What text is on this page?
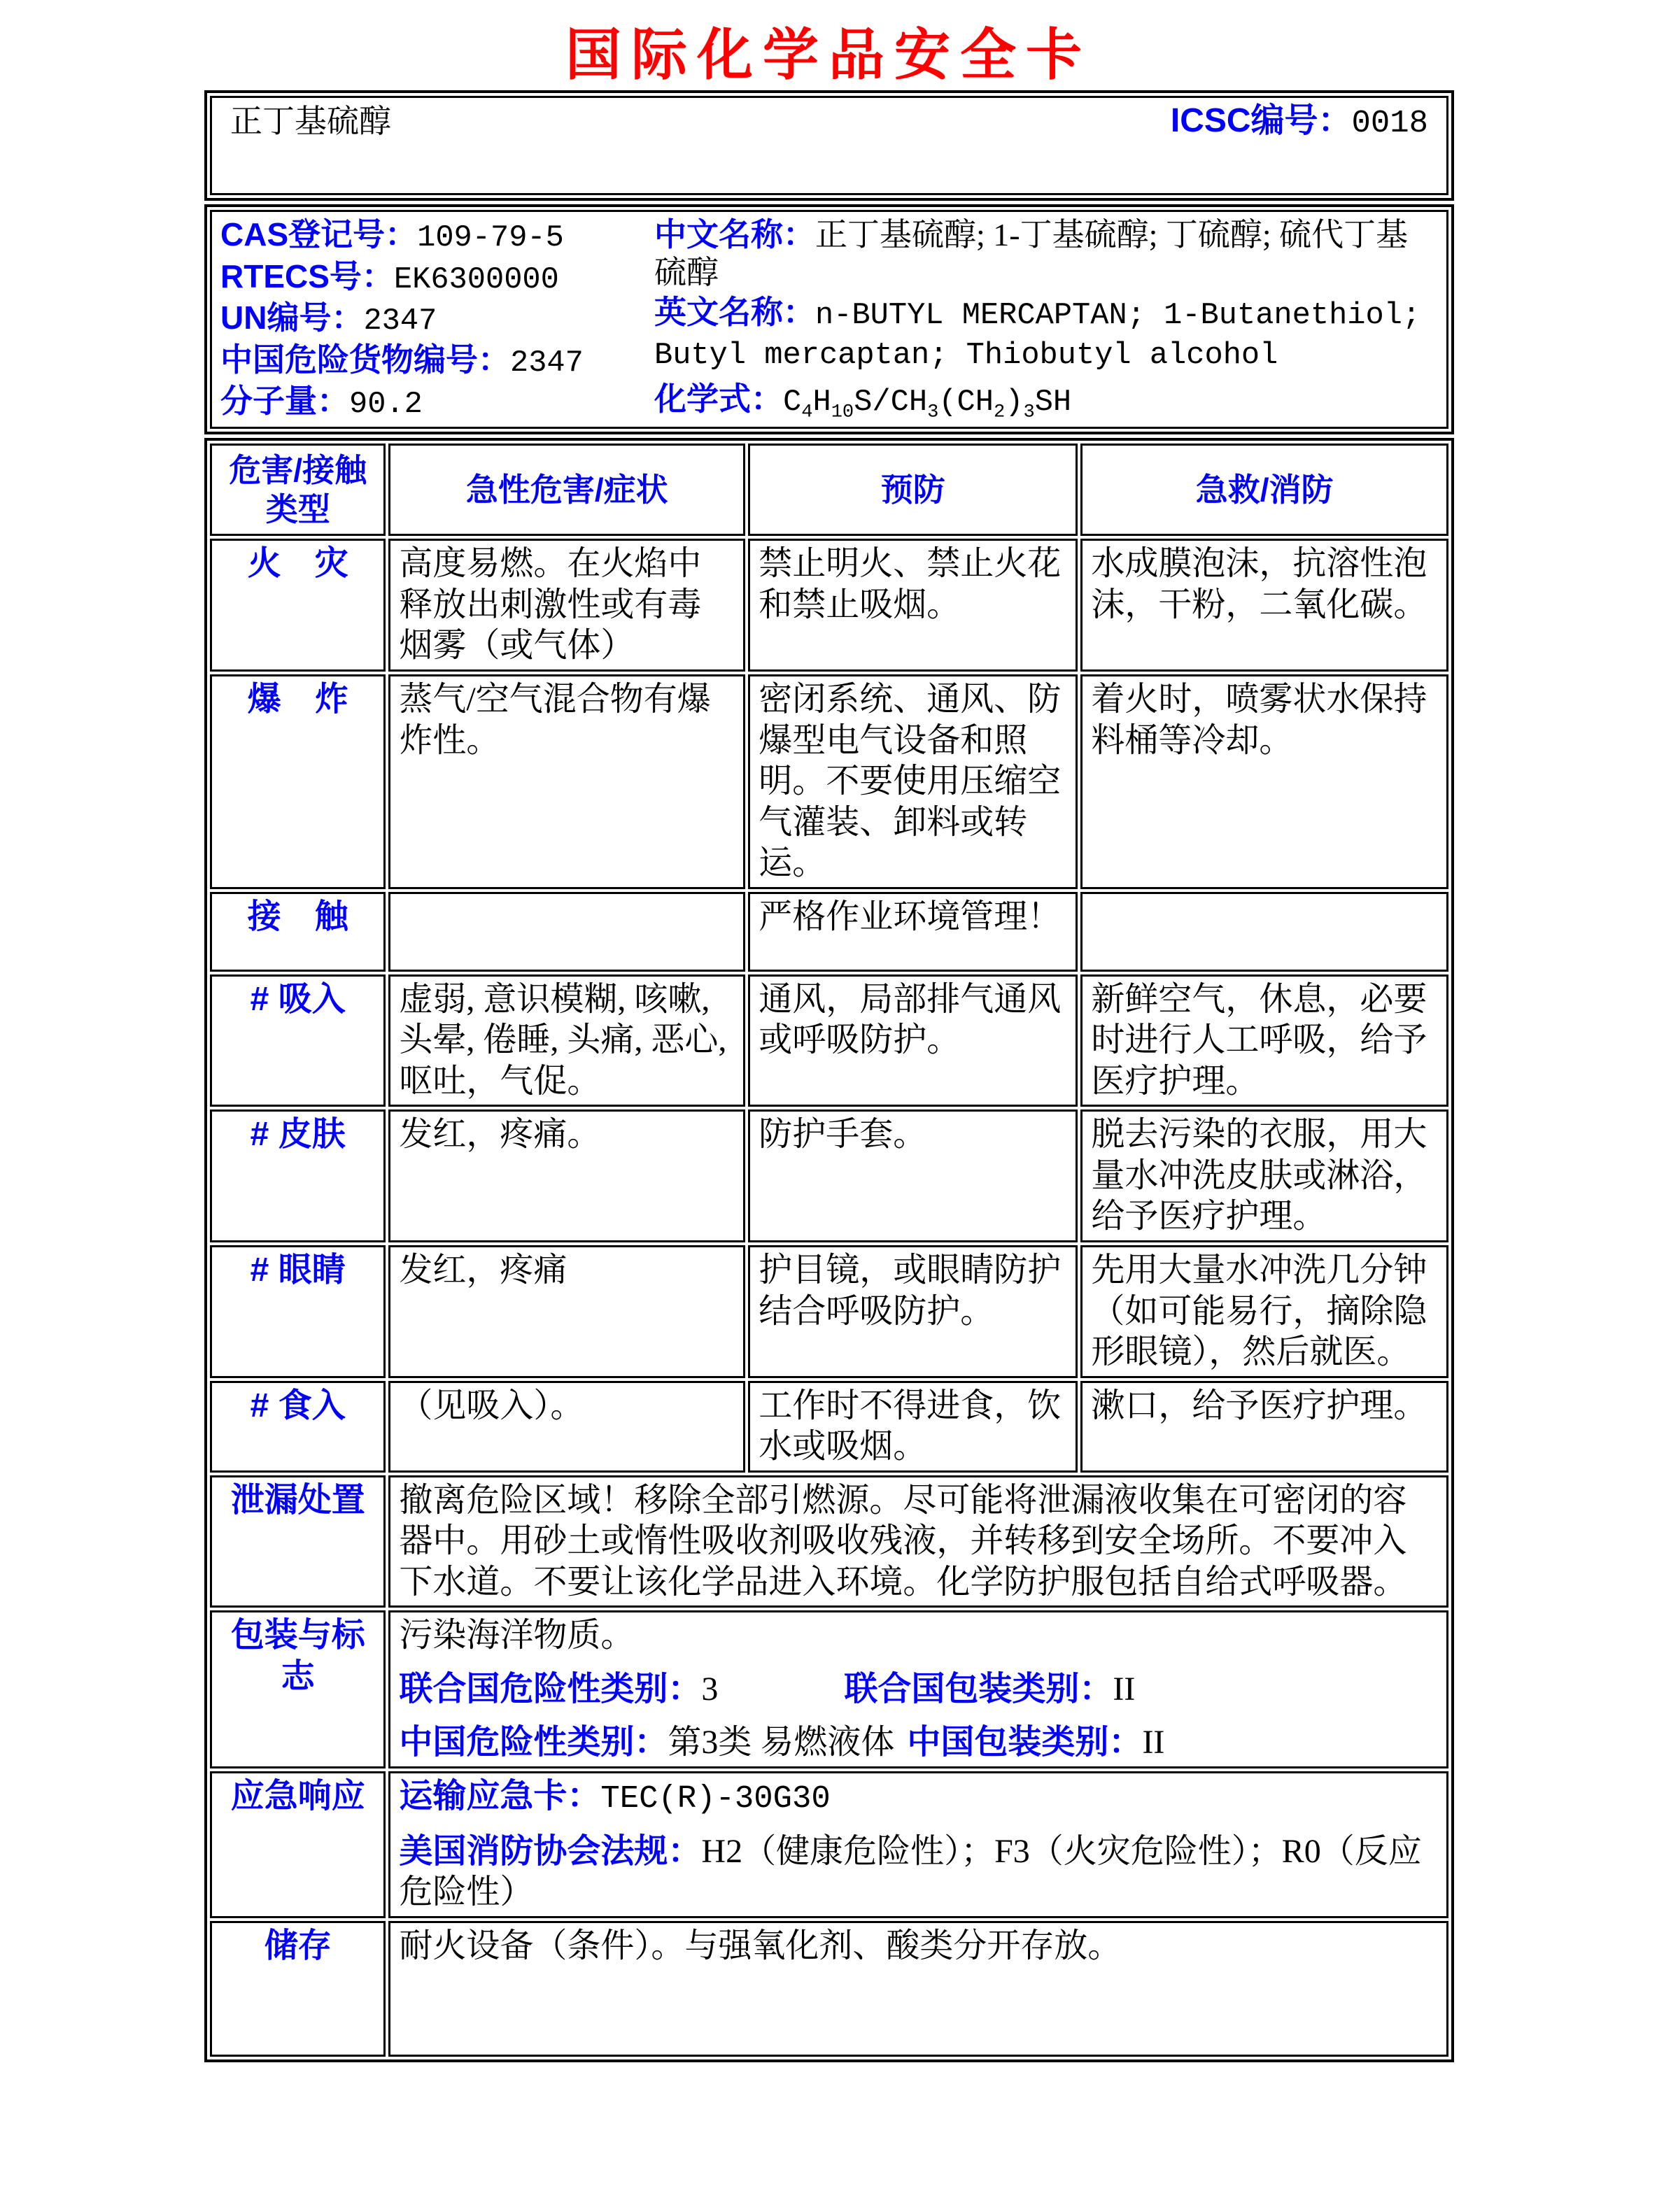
国际化学品安全卡
正丁基硫醇	ICSC编号：0018
CAS登记号：109-79-5
RTECS号：EK6300000
UN编号：2347
中国危险货物编号：2347
分子量：90.2
中文名称：正丁基硫醇; 1-丁基硫醇; 丁硫醇; 硫代丁基硫醇
英文名称：n-BUTYL MERCAPTAN; 1-Butanethiol; Butyl mercaptan; Thiobutyl alcohol
化学式：$C_4H_{10}S/CH_3(CH_2)_3SH$
危害/接触
类型	急性危害/症状	预防	急救/消防
火　灾	高度易燃。在火焰中释放出刺激性或有毒烟雾（或气体）	禁止明火、禁止火花和禁止吸烟。	水成膜泡沫，抗溶性泡沫，干粉，二氧化碳。
爆　炸	蒸气/空气混合物有爆炸性。	密闭系统、通风、防爆型电气设备和照明。不要使用压缩空气灌装、卸料或转运。	着火时，喷雾状水保持料桶等冷却。
接　触		严格作业环境管理！	
# 吸入	虚弱, 意识模糊, 咳嗽, 头晕, 倦睡, 头痛, 恶心, 呕吐，气促。	通风，局部排气通风或呼吸防护。	新鲜空气，休息，必要时进行人工呼吸，给予医疗护理。
# 皮肤	发红，疼痛。	防护手套。	脱去污染的衣服，用大量水冲洗皮肤或淋浴，给予医疗护理。
# 眼睛	发红，疼痛	护目镜，或眼睛防护结合呼吸防护。	先用大量水冲洗几分钟（如可能易行，摘除隐形眼镜），然后就医。
# 食入	（见吸入）。	工作时不得进食，饮水或吸烟。	漱口，给予医疗护理。
泄漏处置	撤离危险区域！移除全部引燃源。尽可能将泄漏液收集在可密闭的容器中。用砂土或惰性吸收剂吸收残液，并转移到安全场所。不要冲入下水道。不要让该化学品进入环境。化学防护服包括自给式呼吸器。		
包装与标志	污染海洋物质。
联合国危险性类别：3 联合国包装类别：II
中国危险性类别：第3类 易燃液体 中国包装类别：II		

应急响应	运输应急卡：TEC(R)-30G30
美国消防协会法规：H2（健康危险性）；F3（火灾危险性）；R0（反应危险性）		

储存	耐火设备（条件）。与强氧化剂、酸类分开存放。		
